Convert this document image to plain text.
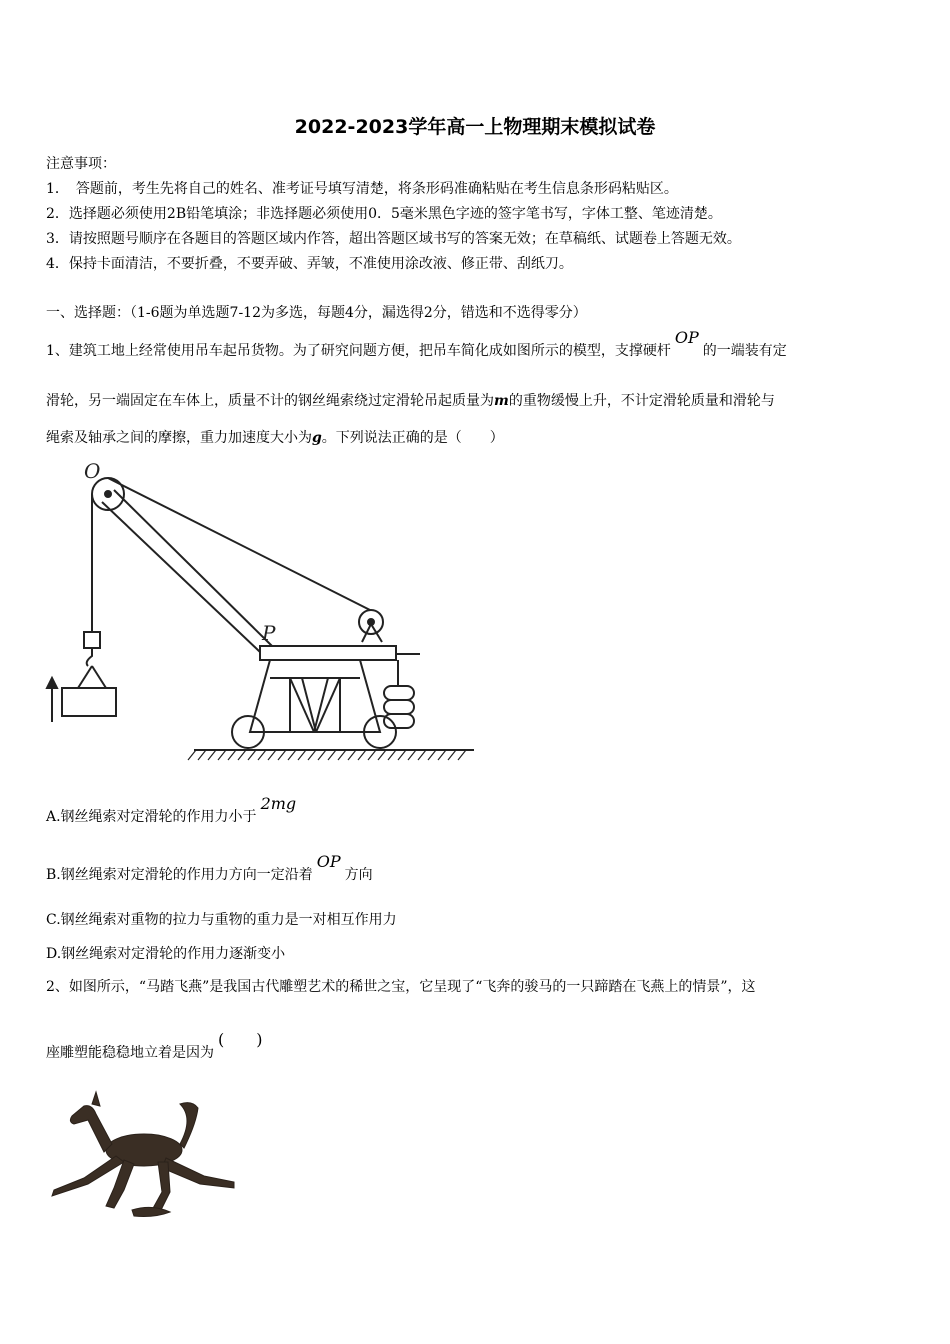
2022-2023学年高一上物理期末模拟试卷
注意事项：
1．　答题前，考生先将自己的姓名、准考证号填写清楚，将条形码准确粘贴在考生信息条形码粘贴区。
2．选择题必须使用2B铅笔填涂；非选择题必须使用0．5毫米黑色字迹的签字笔书写，字体工整、笔迹清楚。
3．请按照题号顺序在各题目的答题区域内作答，超出答题区域书写的答案无效；在草稿纸、试题卷上答题无效。
4．保持卡面清洁，不要折叠，不要弄破、弄皱，不准使用涂改液、修正带、刮纸刀。
一、选择题：（1-6题为单选题7-12为多选，每题4分，漏选得2分，错选和不选得零分）
1、建筑工地上经常使用吊车起吊货物。为了研究问题方便，把吊车简化成如图所示的模型，支撑硬杆OP的一端装有定
滑轮，另一端固定在车体上，质量不计的钢丝绳索绕过定滑轮吊起质量为m的重物缓慢上升，不计定滑轮质量和滑轮与
绳索及轴承之间的摩擦，重力加速度大小为g。下列说法正确的是（　　）
O
P
A.钢丝绳索对定滑轮的作用力小于2mg
B.钢丝绳索对定滑轮的作用力方向一定沿着OP方向
C.钢丝绳索对重物的拉力与重物的重力是一对相互作用力
D.钢丝绳索对定滑轮的作用力逐渐变小
2、如图所示，“马踏飞燕”是我国古代雕塑艺术的稀世之宝，它呈现了“飞奔的骏马的一只蹄踏在飞燕上的情景”，这
座雕塑能稳稳地立着是因为(　　)
